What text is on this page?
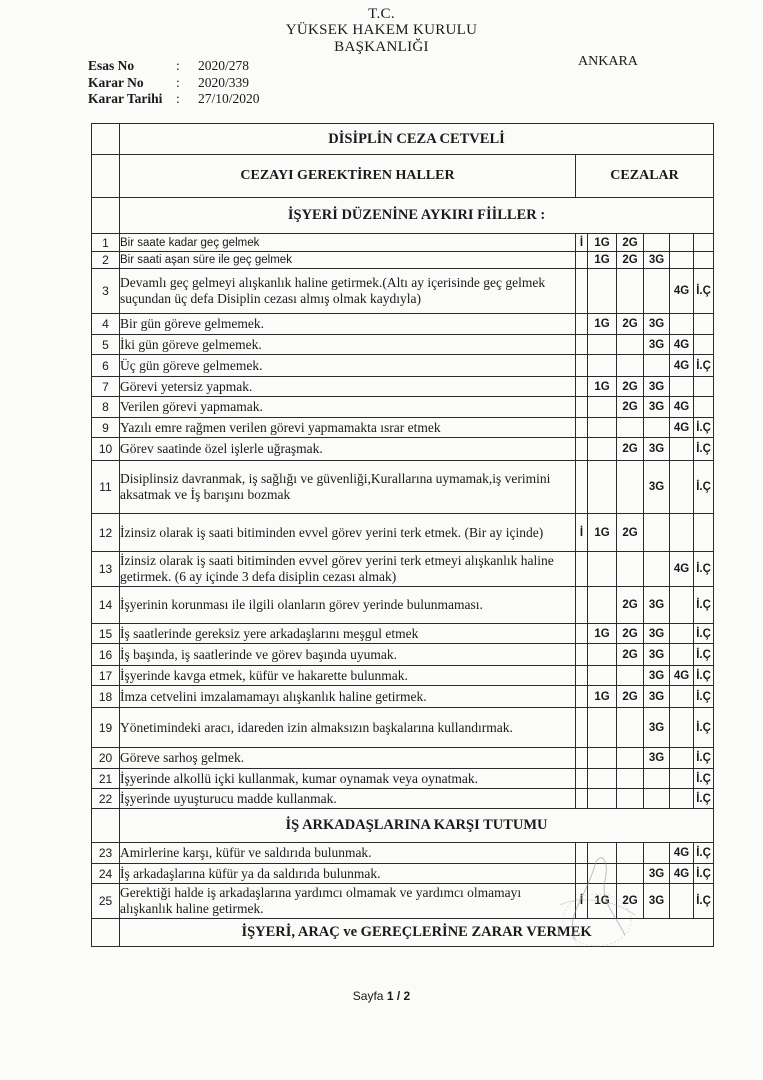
T.C.
YÜKSEK HAKEM KURULU
BAŞKANLIĞI
Esas No	:	2020/278
Karar No	:	2020/339
Karar Tarihi	:	27/10/2020
ANKARA
	DİSİPLİN CEZA CETVELİ						
	CEZAYI GEREKTİREN HALLER	CEZALAR					
	İŞYERİ DÜZENİNE AYKIRI FİİLLER :						
1	Bir saate kadar geç gelmek	İ	1G	2G			
2	Bir saati aşan süre ile geç gelmek		1G	2G	3G		
3	Devamlı geç gelmeyi alışkanlık haline getirmek.(Altı ay içerisinde geç gelmek suçundan üç defa Disiplin cezası almış olmak kaydıyla)					4G	İ.Ç
4	Bir gün göreve gelmemek.		1G	2G	3G		
5	İki gün göreve gelmemek.				3G	4G	
6	Üç gün göreve gelmemek.					4G	İ.Ç
7	Görevi yetersiz yapmak.		1G	2G	3G		
8	Verilen görevi yapmamak.			2G	3G	4G	
9	Yazılı emre rağmen verilen görevi yapmamakta ısrar etmek					4G	İ.Ç
10	Görev saatinde özel işlerle uğraşmak.			2G	3G		İ.Ç
11	Disiplinsiz davranmak, iş sağlığı ve güvenliği,Kurallarına uymamak,iş verimini aksatmak ve İş barışını bozmak				3G		İ.Ç
12	İzinsiz olarak iş saati bitiminden evvel görev yerini terk etmek. (Bir ay içinde)	İ	1G	2G			
13	İzinsiz olarak iş saati bitiminden evvel görev yerini terk etmeyi alışkanlık haline getirmek. (6 ay içinde 3 defa disiplin cezası almak)					4G	İ.Ç
14	İşyerinin korunması ile ilgili olanların görev yerinde bulunmaması.			2G	3G		İ.Ç
15	İş saatlerinde gereksiz yere arkadaşlarını meşgul etmek		1G	2G	3G		İ.Ç
16	İş başında, iş saatlerinde ve görev başında uyumak.			2G	3G		İ.Ç
17	İşyerinde kavga etmek, küfür ve hakarette bulunmak.				3G	4G	İ.Ç
18	İmza cetvelini imzalamamayı alışkanlık haline getirmek.		1G	2G	3G		İ.Ç
19	Yönetimindeki aracı, idareden izin almaksızın başkalarına kullandırmak.				3G		İ.Ç
20	Göreve sarhoş gelmek.				3G		İ.Ç
21	İşyerinde alkollü içki kullanmak, kumar oynamak veya oynatmak.						İ.Ç
22	İşyerinde uyuşturucu madde kullanmak.						İ.Ç
	İŞ ARKADAŞLARINA KARŞI TUTUMU						
23	Amirlerine karşı, küfür ve saldırıda bulunmak.					4G	İ.Ç
24	İş arkadaşlarına küfür ya da saldırıda bulunmak.				3G	4G	İ.Ç
25	Gerektiği halde iş arkadaşlarına yardımcı olmamak ve yardımcı olmamayı alışkanlık haline getirmek.	İ	1G	2G	3G		İ.Ç
	İŞYERİ, ARAÇ ve GEREÇLERİNE ZARAR VERMEK						
Sayfa 1 / 2
